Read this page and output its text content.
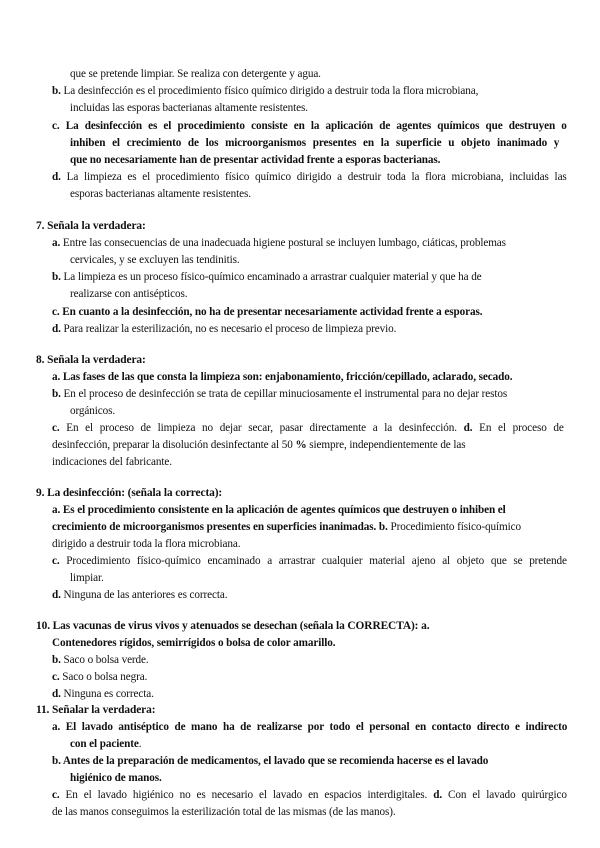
que se pretende limpiar. Se realiza con detergente y agua.
b. La desinfección es el procedimiento físico químico dirigido a destruir toda la flora microbiana,
incluidas las esporas bacterianas altamente resistentes.
c. La desinfección es el procedimiento consiste en la aplicación de agentes químicos que destruyen o
inhiben el crecimiento de los microorganismos presentes en la superficie u objeto inanimado y
que no necesariamente han de presentar actividad frente a esporas bacterianas.
d. La limpieza es el procedimiento físico químico dirigido a destruir toda la flora microbiana, incluidas las
esporas bacterianas altamente resistentes.
7. Señala la verdadera:
a. Entre las consecuencias de una inadecuada higiene postural se incluyen lumbago, ciáticas, problemas
cervicales, y se excluyen las tendinitis.
b. La limpieza es un proceso físico-químico encaminado a arrastrar cualquier material y que ha de
realizarse con antisépticos.
c. En cuanto a la desinfección, no ha de presentar necesariamente actividad frente a esporas.
d. Para realizar la esterilización, no es necesario el proceso de limpieza previo.
8. Señala la verdadera:
a. Las fases de las que consta la limpieza son: enjabonamiento, fricción/cepillado, aclarado, secado.
b. En el proceso de desinfección se trata de cepillar minuciosamente el instrumental para no dejar restos
orgánicos.
c. En el proceso de limpieza no dejar secar, pasar directamente a la desinfección. d. En el proceso de
desinfección, preparar la disolución desinfectante al 50 % siempre, independientemente de las
indicaciones del fabricante.
9. La desinfección: (señala la correcta):
a. Es el procedimiento consistente en la aplicación de agentes químicos que destruyen o inhiben el
crecimiento de microorganismos presentes en superficies inanimadas. b. Procedimiento físico-químico
dirigido a destruir toda la flora microbiana.
c. Procedimiento físico-químico encaminado a arrastrar cualquier material ajeno al objeto que se pretende
limpiar.
d. Ninguna de las anteriores es correcta.
10. Las vacunas de virus vivos y atenuados se desechan (señala la CORRECTA): a.
Contenedores rígidos, semirrígidos o bolsa de color amarillo.
b. Saco o bolsa verde.
c. Saco o bolsa negra.
d. Ninguna es correcta.
11. Señalar la verdadera:
a. El lavado antiséptico de mano ha de realizarse por todo el personal en contacto directo e indirecto
con el paciente.
b. Antes de la preparación de medicamentos, el lavado que se recomienda hacerse es el lavado
higiénico de manos.
c. En el lavado higiénico no es necesario el lavado en espacios interdigitales. d. Con el lavado quirúrgico
de las manos conseguimos la esterilización total de las mismas (de las manos).
